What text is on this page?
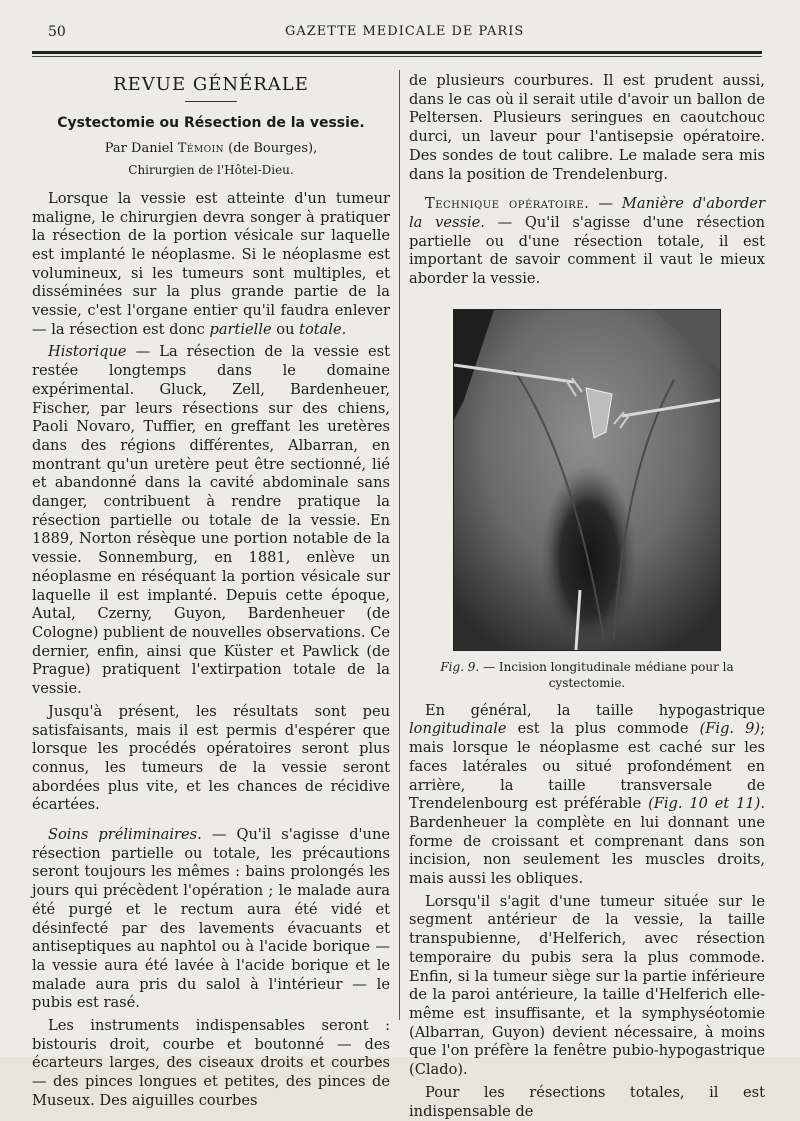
50	GAZETTE MEDICALE DE PARIS
REVUE GÉNÉRALE
Cystectomie ou Résection de la vessie.
Par Daniel Témoin (de Bourges),
Chirurgien de l'Hôtel-Dieu.

Lorsque la vessie est atteinte d'un tumeur maligne, le chirurgien devra songer à pratiquer la résection de la portion vésicale sur laquelle est implanté le néoplasme. Si le néoplasme est volumineux, si les tumeurs sont multiples, et disséminées sur la plus grande partie de la vessie, c'est l'organe entier qu'il faudra enlever — la résection est donc partielle ou totale.

Historique — La résection de la vessie est restée longtemps dans le domaine expérimental. Gluck, Zell, Bardenheuer, Fischer, par leurs résections sur des chiens, Paoli Novaro, Tuffier, en greffant les uretères dans des régions différentes, Albarran, en montrant qu'un uretère peut être sectionné, lié et abandonné dans la cavité abdominale sans danger, contribuent à rendre pratique la résection partielle ou totale de la vessie. En 1889, Norton résèque une portion notable de la vessie. Sonnemburg, en 1881, enlève un néoplasme en réséquant la portion vésicale sur laquelle il est implanté. Depuis cette époque, Autal, Czerny, Guyon, Bardenheuer (de Cologne) publient de nouvelles observations. Ce dernier, enfin, ainsi que Küster et Pawlick (de Prague) pratiquent l'extirpation totale de la vessie.

Jusqu'à présent, les résultats sont peu satisfaisants, mais il est permis d'espérer que lorsque les procédés opératoires seront plus connus, les tumeurs de la vessie seront abordées plus vite, et les chances de récidive écartées.

Soins préliminaires. — Qu'il s'agisse d'une résection partielle ou totale, les précautions seront toujours les mêmes : bains prolongés les jours qui précèdent l'opération ; le malade aura été purgé et le rectum aura été vidé et désinfecté par des lavements évacuants et antiseptiques au naphtol ou à l'acide borique — la vessie aura été lavée à l'acide borique et le malade aura pris du salol à l'intérieur — le pubis est rasé.

Les instruments indispensables seront : bistouris droit, courbe et boutonné — des écarteurs larges, des ciseaux droits et courbes — des pinces longues et petites, des pinces de Museux. Des aiguilles courbes

de plusieurs courbures. Il est prudent aussi, dans le cas où il serait utile d'avoir un ballon de Peltersen. Plusieurs seringues en caoutchouc durci, un laveur pour l'antisepsie opératoire. Des sondes de tout calibre. Le malade sera mis dans la position de Trendelenburg.

Technique opératoire. — Manière d'aborder la vessie. — Qu'il s'agisse d'une résection partielle ou d'une résection totale, il est important de savoir comment il vaut le mieux aborder la vessie.

Fig. 9. — Incision longitudinale médiane pour la cystectomie.

En général, la taille hypogastrique longitudinale est la plus commode (Fig. 9); mais lorsque le néoplasme est caché sur les faces latérales ou situé profondément en arrière, la taille transversale de Trendelenbourg est préférable (Fig. 10 et 11). Bardenheuer la complète en lui donnant une forme de croissant et comprenant dans son incision, non seulement les muscles droits, mais aussi les obliques.

Lorsqu'il s'agit d'une tumeur située sur le segment antérieur de la vessie, la taille transpubienne, d'Helferich, avec résection temporaire du pubis sera la plus commode. Enfin, si la tumeur siège sur la partie inférieure de la paroi antérieure, la taille d'Helferich elle-même est insuffisante, et la symphyséotomie (Albarran, Guyon) devient nécessaire, à moins que l'on préfère la fenêtre pubio-hypogastrique (Clado).

Pour les résections totales, il est indispensable de
